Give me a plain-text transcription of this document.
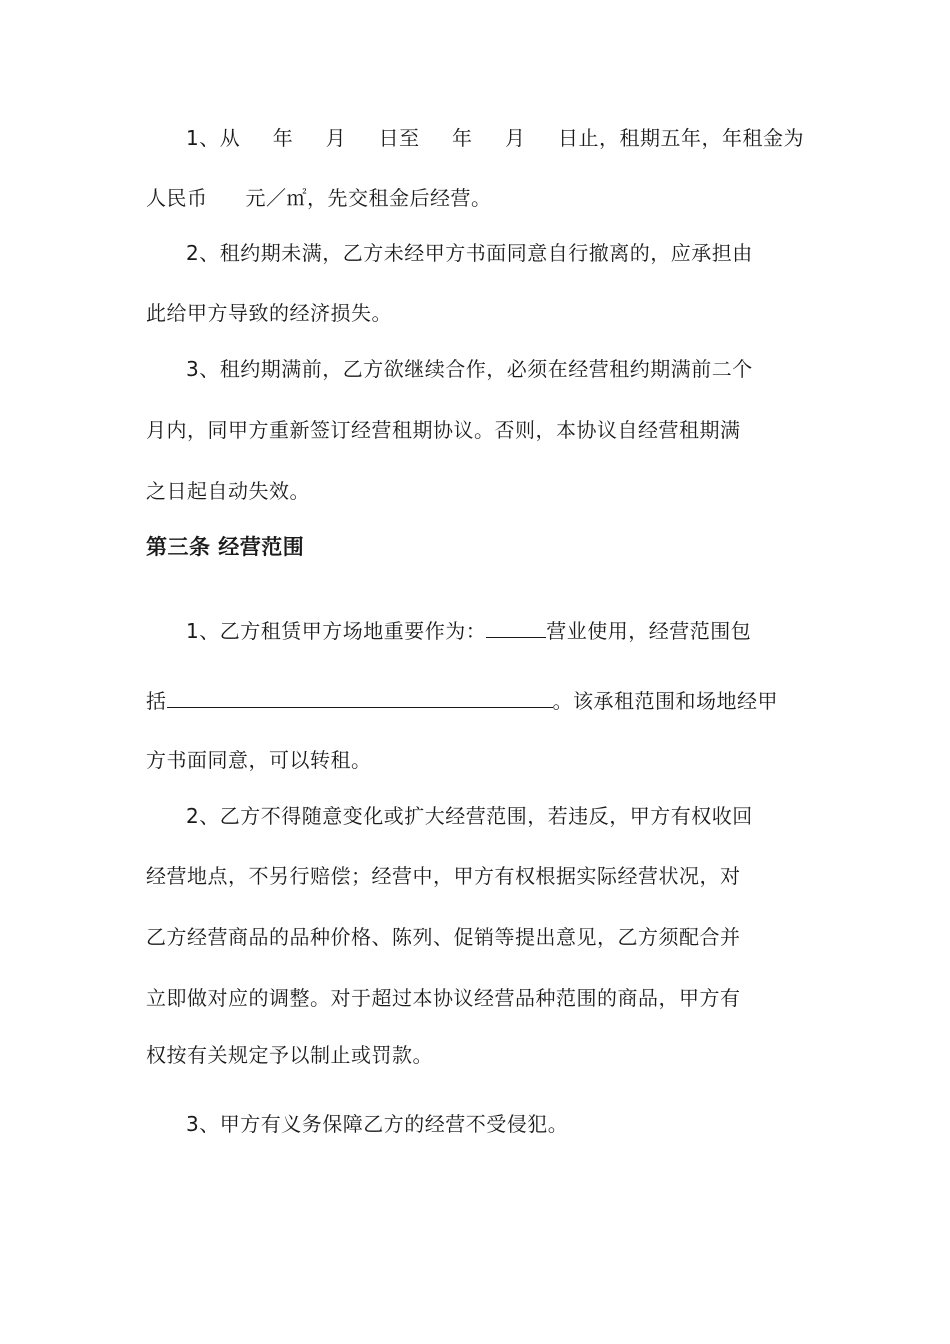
1、从 年 月 日至 年 月 日止，租期五年，年租金为
人民币 元／㎡，先交租金后经营。
2、租约期未满，乙方未经甲方书面同意自行撤离的，应承担由
此给甲方导致的经济损失。
3、租约期满前，乙方欲继续合作，必须在经营租约期满前二个
月内，同甲方重新签订经营租期协议。否则，本协议自经营租期满
之日起自动失效。
第三条 经营范围
1、乙方租赁甲方场地重要作为：	营业使用，经营范围包
括	。该承租范围和场地经甲
方书面同意，可以转租。
2、乙方不得随意变化或扩大经营范围，若违反，甲方有权收回
经营地点，不另行赔偿；经营中，甲方有权根据实际经营状况，对
乙方经营商品的品种价格、陈列、促销等提出意见，乙方须配合并
立即做对应的调整。对于超过本协议经营品种范围的商品，甲方有
权按有关规定予以制止或罚款。
3、甲方有义务保障乙方的经营不受侵犯。
